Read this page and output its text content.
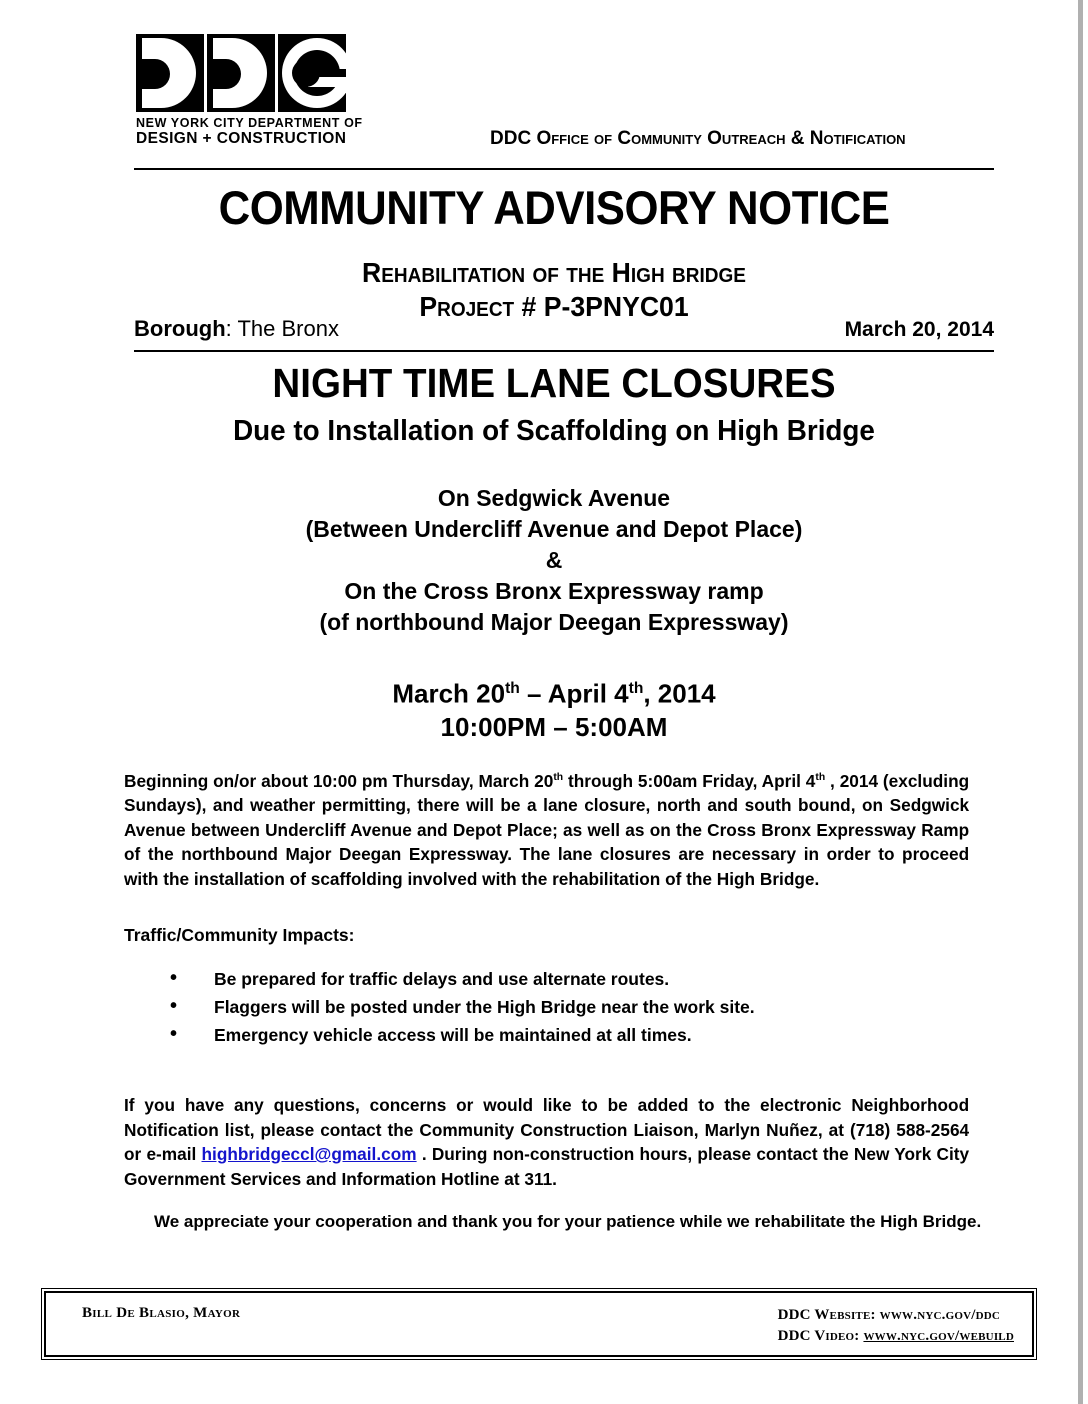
NEW YORK CITY DEPARTMENT OF
DESIGN + CONSTRUCTION	DDC Office of Community Outreach & Notification
COMMUNITY ADVISORY NOTICE
Rehabilitation of the High bridge
Project # P-3PNYC01
Borough: The Bronx	March 20, 2014
NIGHT TIME LANE CLOSURES
Due to Installation of Scaffolding on High Bridge
On Sedgwick Avenue
(Between Undercliff Avenue and Depot Place)
&
On the Cross Bronx Expressway ramp
(of northbound Major Deegan Expressway)
March 20th – April 4th, 2014
10:00PM – 5:00AM
Beginning on/or about 10:00 pm Thursday, March 20th through 5:00am Friday, April 4th , 2014 (excluding Sundays), and weather permitting, there will be a lane closure, north and south bound, on Sedgwick Avenue between Undercliff Avenue and Depot Place; as well as on the Cross Bronx Expressway Ramp of the northbound Major Deegan Expressway. The lane closures are necessary in order to proceed with the installation of scaffolding involved with the rehabilitation of the High Bridge.
Traffic/Community Impacts:
• Be prepared for traffic delays and use alternate routes.
• Flaggers will be posted under the High Bridge near the work site.
• Emergency vehicle access will be maintained at all times.
If you have any questions, concerns or would like to be added to the electronic Neighborhood Notification list, please contact the Community Construction Liaison, Marlyn Nuñez, at (718) 588-2564 or e-mail highbridgeccl@gmail.com . During non-construction hours, please contact the New York City Government Services and Information Hotline at 311.
We appreciate your cooperation and thank you for your patience while we rehabilitate the High Bridge.
Bill De Blasio, Mayor	DDC Website: www.nyc.gov/ddc
DDC Video: www.nyc.gov/webuild
